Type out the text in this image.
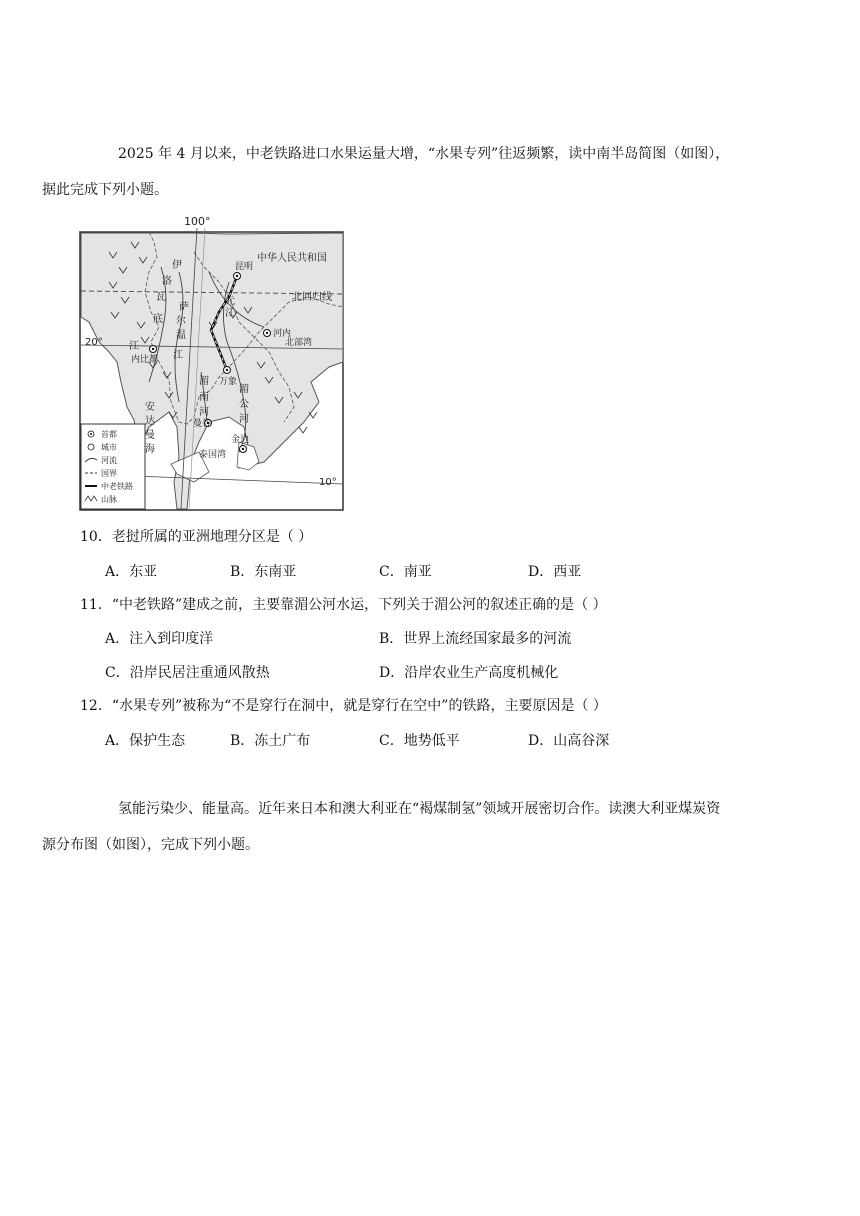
2025 年 4 月以来，中老铁路进口水果运量大增，“水果专列”往返频繁，读中南半岛简图（如图），
据此完成下列小题。
100°
中华人民共和国
北回归线
20°
10°
北部湾
泰国湾
昆明
河内
万象
曼谷
金边
内比都
伊
洛
瓦
底
江
萨
尔
温
江
湄
南
河
湄
公
河
元
江
安
达
曼
海
首都
城市
河流
国界
中老铁路
山脉
10．老挝所属的亚洲地理分区是（ ）
A．东亚	B．东南亚	C．南亚	D．西亚
11．“中老铁路”建成之前，主要靠湄公河水运，下列关于湄公河的叙述正确的是（ ）
A．注入到印度洋	B．世界上流经国家最多的河流
C．沿岸民居注重通风散热	D．沿岸农业生产高度机械化
12．“水果专列”被称为“不是穿行在洞中，就是穿行在空中”的铁路，主要原因是（ ）
A．保护生态	B．冻土广布	C．地势低平	D．山高谷深
氢能污染少、能量高。近年来日本和澳大利亚在“褐煤制氢”领域开展密切合作。读澳大利亚煤炭资
源分布图（如图），完成下列小题。
